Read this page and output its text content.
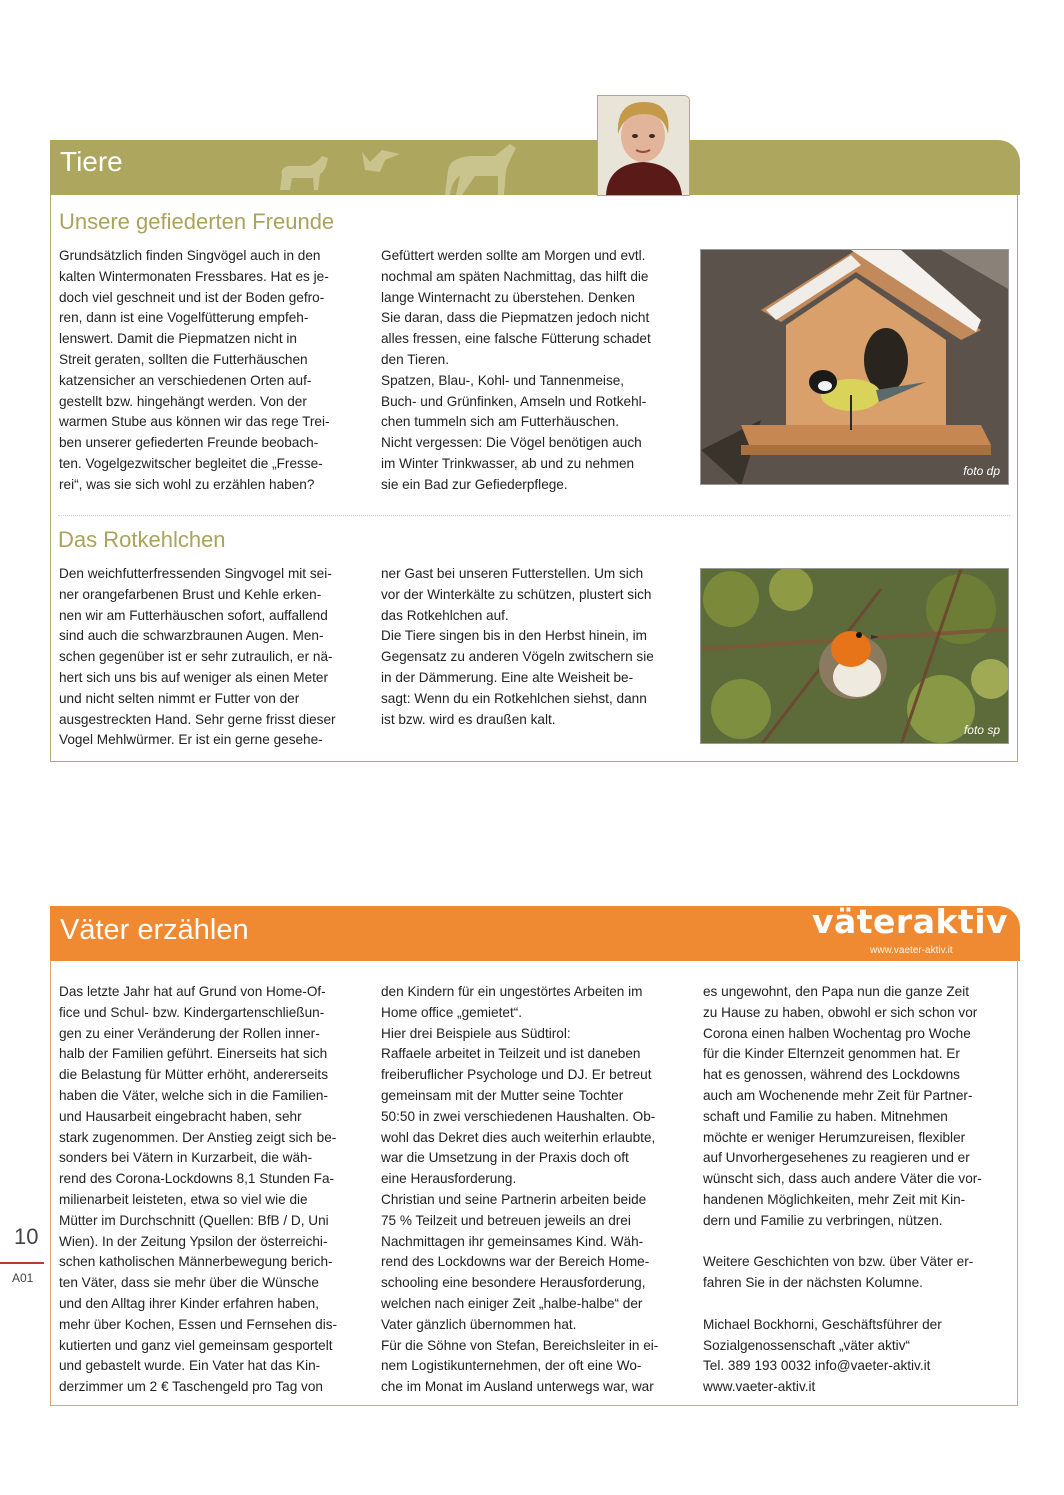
Tiere
Unsere gefiederten Freunde

Grundsätzlich finden Singvögel auch in den

kalten Wintermonaten Fressbares. Hat es je-

doch viel geschneit und ist der Boden gefro-

ren, dann ist eine Vogelfütterung empfeh-

lenswert. Damit die Piepmatzen nicht in

Streit geraten, sollten die Futterhäuschen

katzensicher an verschiedenen Orten auf-

gestellt bzw. hingehängt werden. Von der

warmen Stube aus können wir das rege Trei-

ben unserer gefiederten Freunde beobach-

ten. Vogelgezwitscher begleitet die „Fresse-

rei“, was sie sich wohl zu erzählen haben?

Gefüttert werden sollte am Morgen und evtl.

nochmal am späten Nachmittag, das hilft die

lange Winternacht zu überstehen. Denken

Sie daran, dass die Piepmatzen jedoch nicht

alles fressen, eine falsche Fütterung schadet

den Tieren.

Spatzen, Blau-, Kohl- und Tannenmeise,

Buch- und Grünfinken, Amseln und Rotkehl-

chen tummeln sich am Futterhäuschen.

Nicht vergessen: Die Vögel benötigen auch

im Winter Trinkwasser, ab und zu nehmen

sie ein Bad zur Gefiederpflege.

foto dp
Das Rotkehlchen

Den weichfutterfressenden Singvogel mit sei-

ner orangefarbenen Brust und Kehle erken-

nen wir am Futterhäuschen sofort, auffallend

sind auch die schwarzbraunen Augen. Men-

schen gegenüber ist er sehr zutraulich, er nä-

hert sich uns bis auf weniger als einen Meter

und nicht selten nimmt er Futter von der

ausgestreckten Hand. Sehr gerne frisst dieser

Vogel Mehlwürmer. Er ist ein gerne gesehe-

ner Gast bei unseren Futterstellen. Um sich

vor der Winterkälte zu schützen, plustert sich

das Rotkehlchen auf.

Die Tiere singen bis in den Herbst hinein, im

Gegensatz zu anderen Vögeln zwitschern sie

in der Dämmerung. Eine alte Weisheit be-

sagt: Wenn du ein Rotkehlchen siehst, dann

ist bzw. wird es draußen kalt.

foto sp
Väter erzählen	väteraktiv
www.vaeter-aktiv.it

Das letzte Jahr hat auf Grund von Home-Of-

fice und Schul- bzw. Kindergartenschließun-

gen zu einer Veränderung der Rollen inner-

halb der Familien geführt. Einerseits hat sich

die Belastung für Mütter erhöht, andererseits

haben die Väter, welche sich in die Familien-

und Hausarbeit eingebracht haben, sehr

stark zugenommen. Der Anstieg zeigt sich be-

sonders bei Vätern in Kurzarbeit, die wäh-

rend des Corona-Lockdowns 8,1 Stunden Fa-

milienarbeit leisteten, etwa so viel wie die

Mütter im Durchschnitt (Quellen: BfB / D, Uni

Wien). In der Zeitung Ypsilon der österreichi-

schen katholischen Männerbewegung berich-

ten Väter, dass sie mehr über die Wünsche

und den Alltag ihrer Kinder erfahren haben,

mehr über Kochen, Essen und Fernsehen dis-

kutierten und ganz viel gemeinsam gesportelt

und gebastelt wurde. Ein Vater hat das Kin-

derzimmer um 2 € Taschengeld pro Tag von

den Kindern für ein ungestörtes Arbeiten im

Home office „gemietet“.

Hier drei Beispiele aus Südtirol:

Raffaele arbeitet in Teilzeit und ist daneben

freiberuflicher Psychologe und DJ. Er betreut

gemeinsam mit der Mutter seine Tochter

50:50 in zwei verschiedenen Haushalten. Ob-

wohl das Dekret dies auch weiterhin erlaubte,

war die Umsetzung in der Praxis doch oft

eine Herausforderung.

Christian und seine Partnerin arbeiten beide

75 % Teilzeit und betreuen jeweils an drei

Nachmittagen ihr gemeinsames Kind. Wäh-

rend des Lockdowns war der Bereich Home-

schooling eine besondere Herausforderung,

welchen nach einiger Zeit „halbe-halbe“ der

Vater gänzlich übernommen hat.

Für die Söhne von Stefan, Bereichsleiter in ei-

nem Logistikunternehmen, der oft eine Wo-

che im Monat im Ausland unterwegs war, war

es ungewohnt, den Papa nun die ganze Zeit

zu Hause zu haben, obwohl er sich schon vor

Corona einen halben Wochentag pro Woche

für die Kinder Elternzeit genommen hat. Er

hat es genossen, während des Lockdowns

auch am Wochenende mehr Zeit für Partner-

schaft und Familie zu haben. Mitnehmen

möchte er weniger Herumzureisen, flexibler

auf Unvorhergesehenes zu reagieren und er

wünscht sich, dass auch andere Väter die vor-

handenen Möglichkeiten, mehr Zeit mit Kin-

dern und Familie zu verbringen, nützen.

Weitere Geschichten von bzw. über Väter er-

fahren Sie in der nächsten Kolumne.

Michael Bockhorni, Geschäftsführer der

Sozialgenossenschaft „väter aktiv“

Tel. 389 193 0032 info@vaeter-aktiv.it

www.vaeter-aktiv.it

10
A01
